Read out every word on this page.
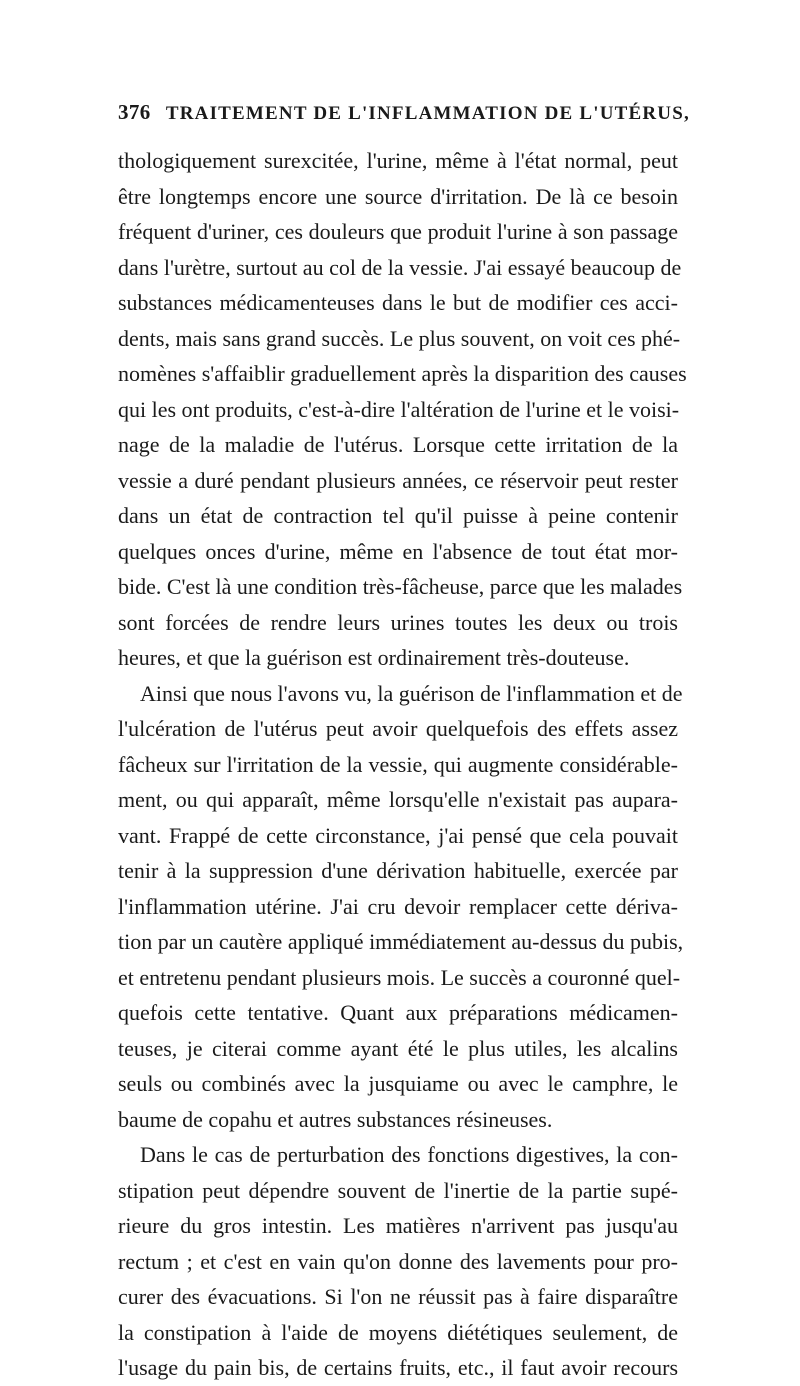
376 TRAITEMENT DE L'INFLAMMATION DE L'UTÉRUS,
thologiquement surexcitée, l'urine, même à l'état normal, peut
être longtemps encore une source d'irritation. De là ce besoin
fréquent d'uriner, ces douleurs que produit l'urine à son passage
dans l'urètre, surtout au col de la vessie. J'ai essayé beaucoup de
substances médicamenteuses dans le but de modifier ces acci-
dents, mais sans grand succès. Le plus souvent, on voit ces phé-
nomènes s'affaiblir graduellement après la disparition des causes
qui les ont produits, c'est-à-dire l'altération de l'urine et le voisi-
nage de la maladie de l'utérus. Lorsque cette irritation de la
vessie a duré pendant plusieurs années, ce réservoir peut rester
dans un état de contraction tel qu'il puisse à peine contenir
quelques onces d'urine, même en l'absence de tout état mor-
bide. C'est là une condition très-fâcheuse, parce que les malades
sont forcées de rendre leurs urines toutes les deux ou trois
heures, et que la guérison est ordinairement très-douteuse.
Ainsi que nous l'avons vu, la guérison de l'inflammation et de
l'ulcération de l'utérus peut avoir quelquefois des effets assez
fâcheux sur l'irritation de la vessie, qui augmente considérable-
ment, ou qui apparaît, même lorsqu'elle n'existait pas aupara-
vant. Frappé de cette circonstance, j'ai pensé que cela pouvait
tenir à la suppression d'une dérivation habituelle, exercée par
l'inflammation utérine. J'ai cru devoir remplacer cette dériva-
tion par un cautère appliqué immédiatement au-dessus du pubis,
et entretenu pendant plusieurs mois. Le succès a couronné quel-
quefois cette tentative. Quant aux préparations médicamen-
teuses, je citerai comme ayant été le plus utiles, les alcalins
seuls ou combinés avec la jusquiame ou avec le camphre, le
baume de copahu et autres substances résineuses.
Dans le cas de perturbation des fonctions digestives, la con-
stipation peut dépendre souvent de l'inertie de la partie supé-
rieure du gros intestin. Les matières n'arrivent pas jusqu'au
rectum ; et c'est en vain qu'on donne des lavements pour pro-
curer des évacuations. Si l'on ne réussit pas à faire disparaître
la constipation à l'aide de moyens diététiques seulement, de
l'usage du pain bis, de certains fruits, etc., il faut avoir recours
